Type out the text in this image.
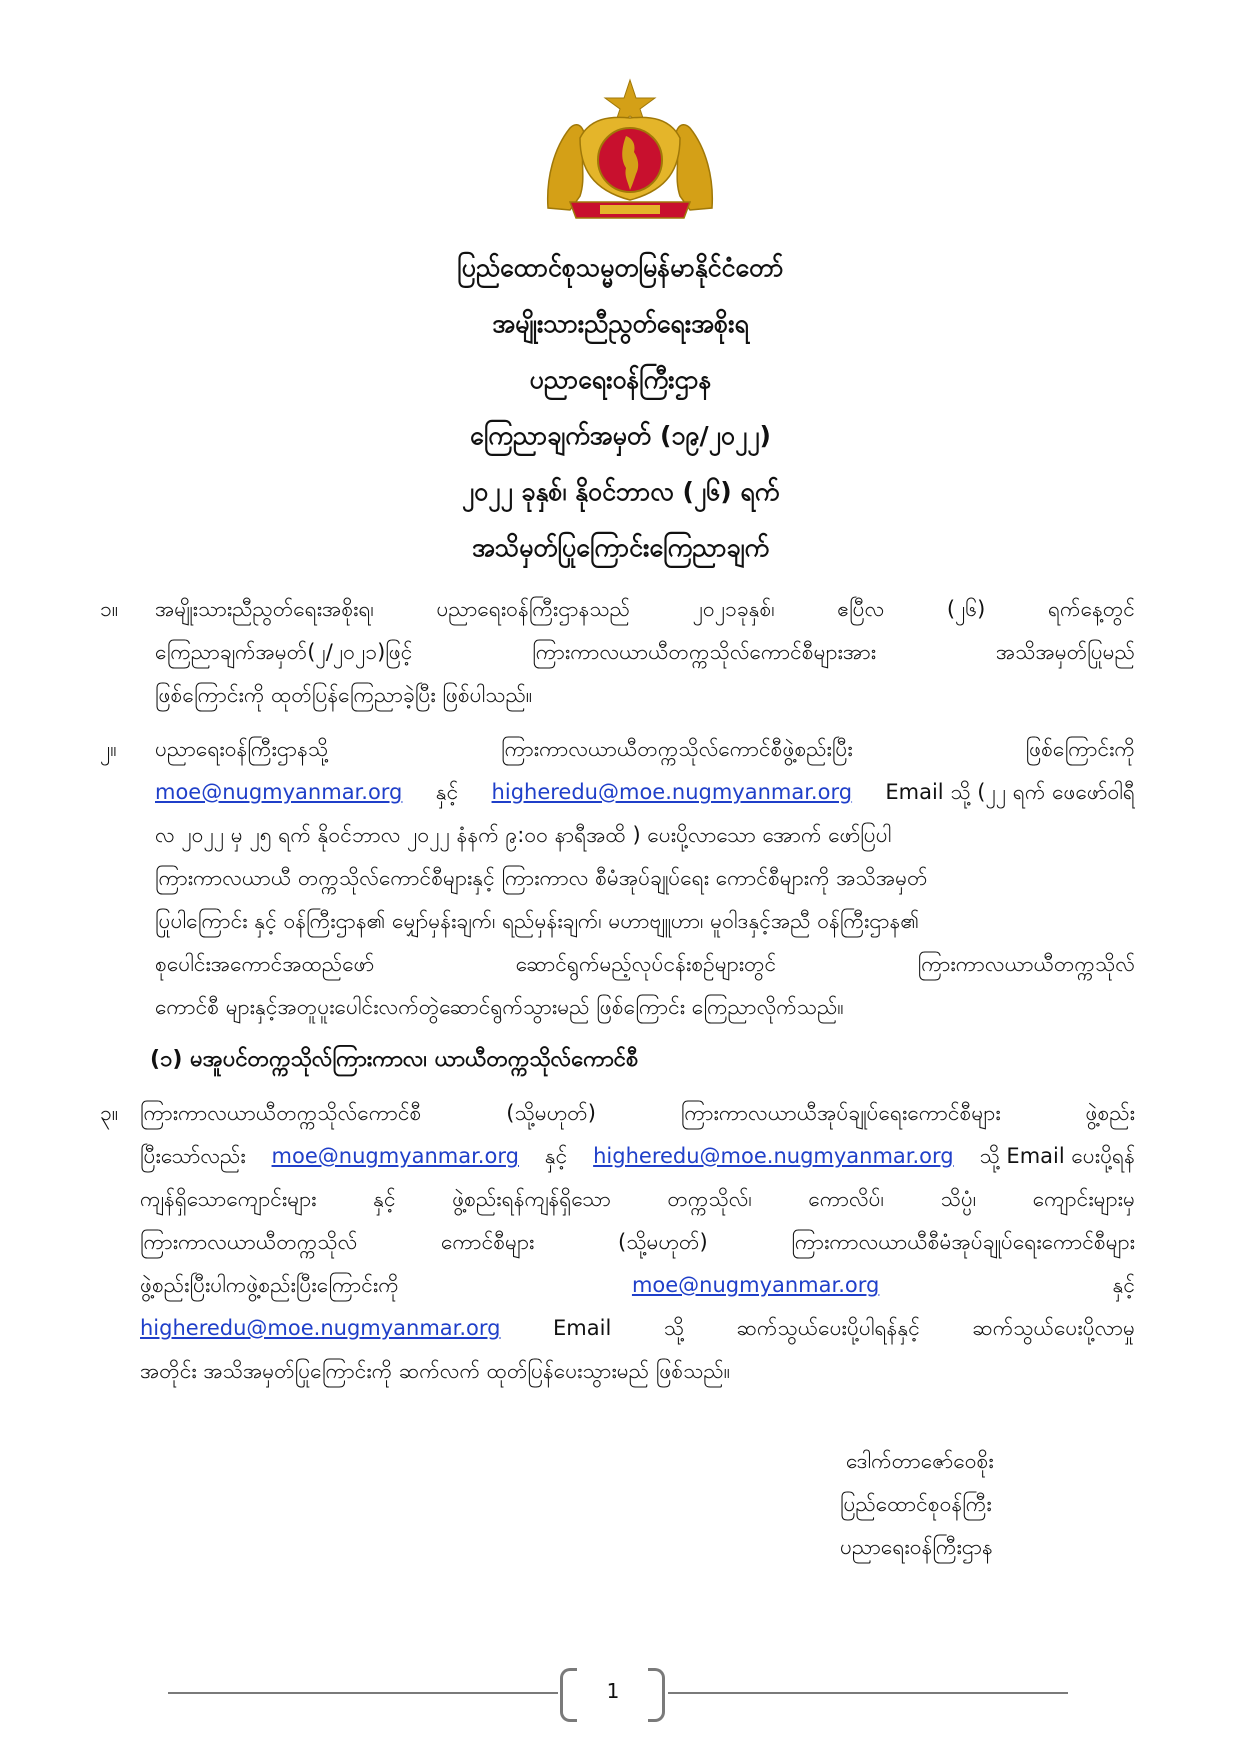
ပြည်ထောင်စုသမ္မတမြန်မာနိုင်ငံတော်
အမျိုးသားညီညွတ်ရေးအစိုးရ
ပညာရေးဝန်ကြီးဌာန
ကြေညာချက်အမှတ် (၁၉/၂၀၂၂)
၂၀၂၂ ခုနှစ်၊ နိုဝင်ဘာလ (၂၆) ရက်
အသိမှတ်ပြုကြောင်းကြေညာချက်
၁။	အမျိုးသားညီညွတ်ရေးအစိုးရ၊	ပညာရေးဝန်ကြီးဌာနသည်	၂၀၂၁ခုနှစ်၊	ဧပြီလ	(၂၆)	ရက်နေ့တွင်
ကြေညာချက်အမှတ်(၂/၂၀၂၁)ဖြင့်	ကြားကာလယာယီတက္ကသိုလ်ကောင်စီများအား	အသိအမှတ်ပြုမည်
ဖြစ်ကြောင်းကို ထုတ်ပြန်ကြေညာခဲ့ပြီး ဖြစ်ပါသည်။
၂။	ပညာရေးဝန်ကြီးဌာနသို့	ကြားကာလယာယီတက္ကသိုလ်ကောင်စီဖွဲ့စည်းပြီး	ဖြစ်ကြောင်းကို
moe@nugmyanmar.org နှင့် higheredu@moe.nugmyanmar.org Email သို့ (၂၂ ရက် ဖေဖော်ဝါရီ
လ ၂၀၂၂ မှ ၂၅ ရက် နိုဝင်ဘာလ ၂၀၂၂ နံနက် ၉:၀၀ နာရီအထိ ) ပေးပို့လာသော အောက် ဖော်ပြပါ
ကြားကာလယာယီ တက္ကသိုလ်ကောင်စီများနှင့် ကြားကာလ စီမံအုပ်ချုပ်ရေး ကောင်စီများကို အသိအမှတ်
ပြုပါကြောင်း နှင့် ဝန်ကြီးဌာန၏ မျှော်မှန်းချက်၊ ရည်မှန်းချက်၊ မဟာဗျူဟာ၊ မူဝါဒနှင့်အညီ ဝန်ကြီးဌာန၏
စုပေါင်းအကောင်အထည်ဖော်	ဆောင်ရွက်မည့်လုပ်ငန်းစဉ်များတွင်	ကြားကာလယာယီတက္ကသိုလ်
ကောင်စီ များနှင့်အတူပူးပေါင်းလက်တွဲဆောင်ရွက်သွားမည် ဖြစ်ကြောင်း ကြေညာလိုက်သည်။
(၁) မအူပင်တက္ကသိုလ်ကြားကာလ၊ ယာယီတက္ကသိုလ်ကောင်စီ
၃။	ကြားကာလယာယီတက္ကသိုလ်ကောင်စီ	(သို့မဟုတ်)	ကြားကာလယာယီအုပ်ချုပ်ရေးကောင်စီများ	ဖွဲ့စည်း
ပြီးသော်လည်း moe@nugmyanmar.org နှင့် higheredu@moe.nugmyanmar.org သို့ Email ပေးပို့ရန်
ကျန်ရှိသောကျောင်းများ	နှင့်	ဖွဲ့စည်းရန်ကျန်ရှိသော	တက္ကသိုလ်၊	ကောလိပ်၊	သိပ္ပံ၊	ကျောင်းများမှ
ကြားကာလယာယီတက္ကသိုလ်	ကောင်စီများ	(သို့မဟုတ်)	ကြားကာလယာယီစီမံအုပ်ချုပ်ရေးကောင်စီများ
ဖွဲ့စည်းပြီးပါကဖွဲ့စည်းပြီးကြောင်းကို	moe@nugmyanmar.org	နှင့်
higheredu@moe.nugmyanmar.org	Email	သို့	ဆက်သွယ်ပေးပို့ပါရန်နှင့်	ဆက်သွယ်ပေးပို့လာမှု
အတိုင်း အသိအမှတ်ပြုကြောင်းကို ဆက်လက် ထုတ်ပြန်ပေးသွားမည် ဖြစ်သည်။
ဒေါက်တာဇော်ဝေစိုး
ပြည်ထောင်စုဝန်ကြီး
ပညာရေးဝန်ကြီးဌာန
1
